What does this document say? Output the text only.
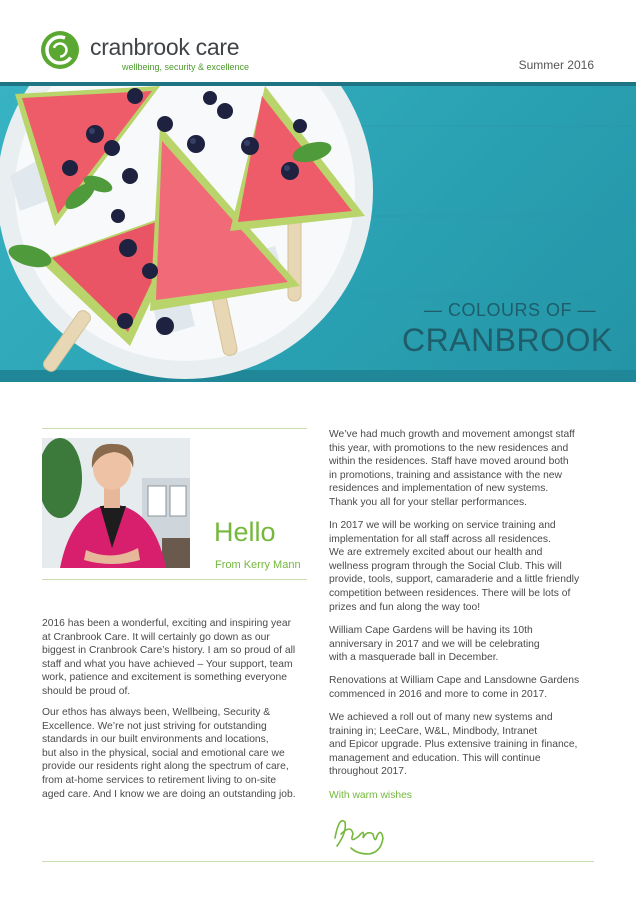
cranbrook care
wellbeing, security & excellence	Summer 2016
— COLOURS OF —
CRANBROOK
Hello
From Kerry Mann
2016 has been a wonderful, exciting and inspiring year
at Cranbrook Care. It will certainly go down as our
biggest in Cranbrook Care’s history. I am so proud of all
staff and what you have achieved – Your support, team
work, patience and excitement is something everyone
should be proud of.
Our ethos has always been, Wellbeing, Security &
Excellence. We’re not just striving for outstanding
standards in our built environments and locations,
but also in the physical, social and emotional care we
provide our residents right along the spectrum of care,
from at-home services to retirement living to on-site
aged care. And I know we are doing an outstanding job.
We’ve had much growth and movement amongst staff
this year, with promotions to the new residences and
within the residences. Staff have moved around both
in promotions, training and assistance with the new
residences and implementation of new systems.
Thank you all for your stellar performances.
In 2017 we will be working on service training and
implementation for all staff across all residences.
We are extremely excited about our health and
wellness program through the Social Club. This will
provide, tools, support, camaraderie and a little friendly
competition between residences. There will be lots of
prizes and fun along the way too!
William Cape Gardens will be having its 10th
anniversary in 2017 and we will be celebrating
with a masquerade ball in December.
Renovations at William Cape and Lansdowne Gardens
commenced in 2016 and more to come in 2017.
We achieved a roll out of many new systems and
training in; LeeCare, W&L, Mindbody, Intranet
and Epicor upgrade. Plus extensive training in finance,
management and education. This will continue
throughout 2017.
With warm wishes
